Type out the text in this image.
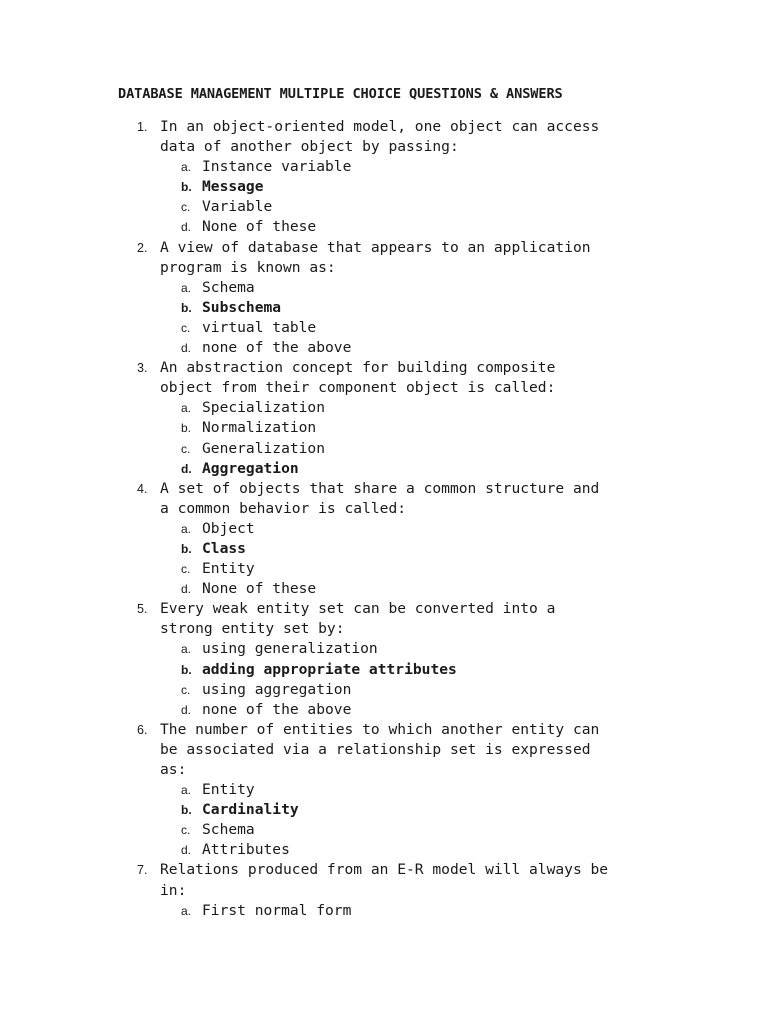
DATABASE MANAGEMENT MULTIPLE CHOICE QUESTIONS & ANSWERS
1. In an object-oriented model, one object can access
data of another object by passing:
a. Instance variable
b. Message
c. Variable
d. None of these
2. A view of database that appears to an application
program is known as:
a. Schema
b. Subschema
c. virtual table
d. none of the above
3. An abstraction concept for building composite
object from their component object is called:
a. Specialization
b. Normalization
c. Generalization
d. Aggregation
4. A set of objects that share a common structure and
a common behavior is called:
a. Object
b. Class
c. Entity
d. None of these
5. Every weak entity set can be converted into a
strong entity set by:
a. using generalization
b. adding appropriate attributes
c. using aggregation
d. none of the above
6. The number of entities to which another entity can
be associated via a relationship set is expressed
as:
a. Entity
b. Cardinality
c. Schema
d. Attributes
7. Relations produced from an E-R model will always be
in:
a. First normal form
